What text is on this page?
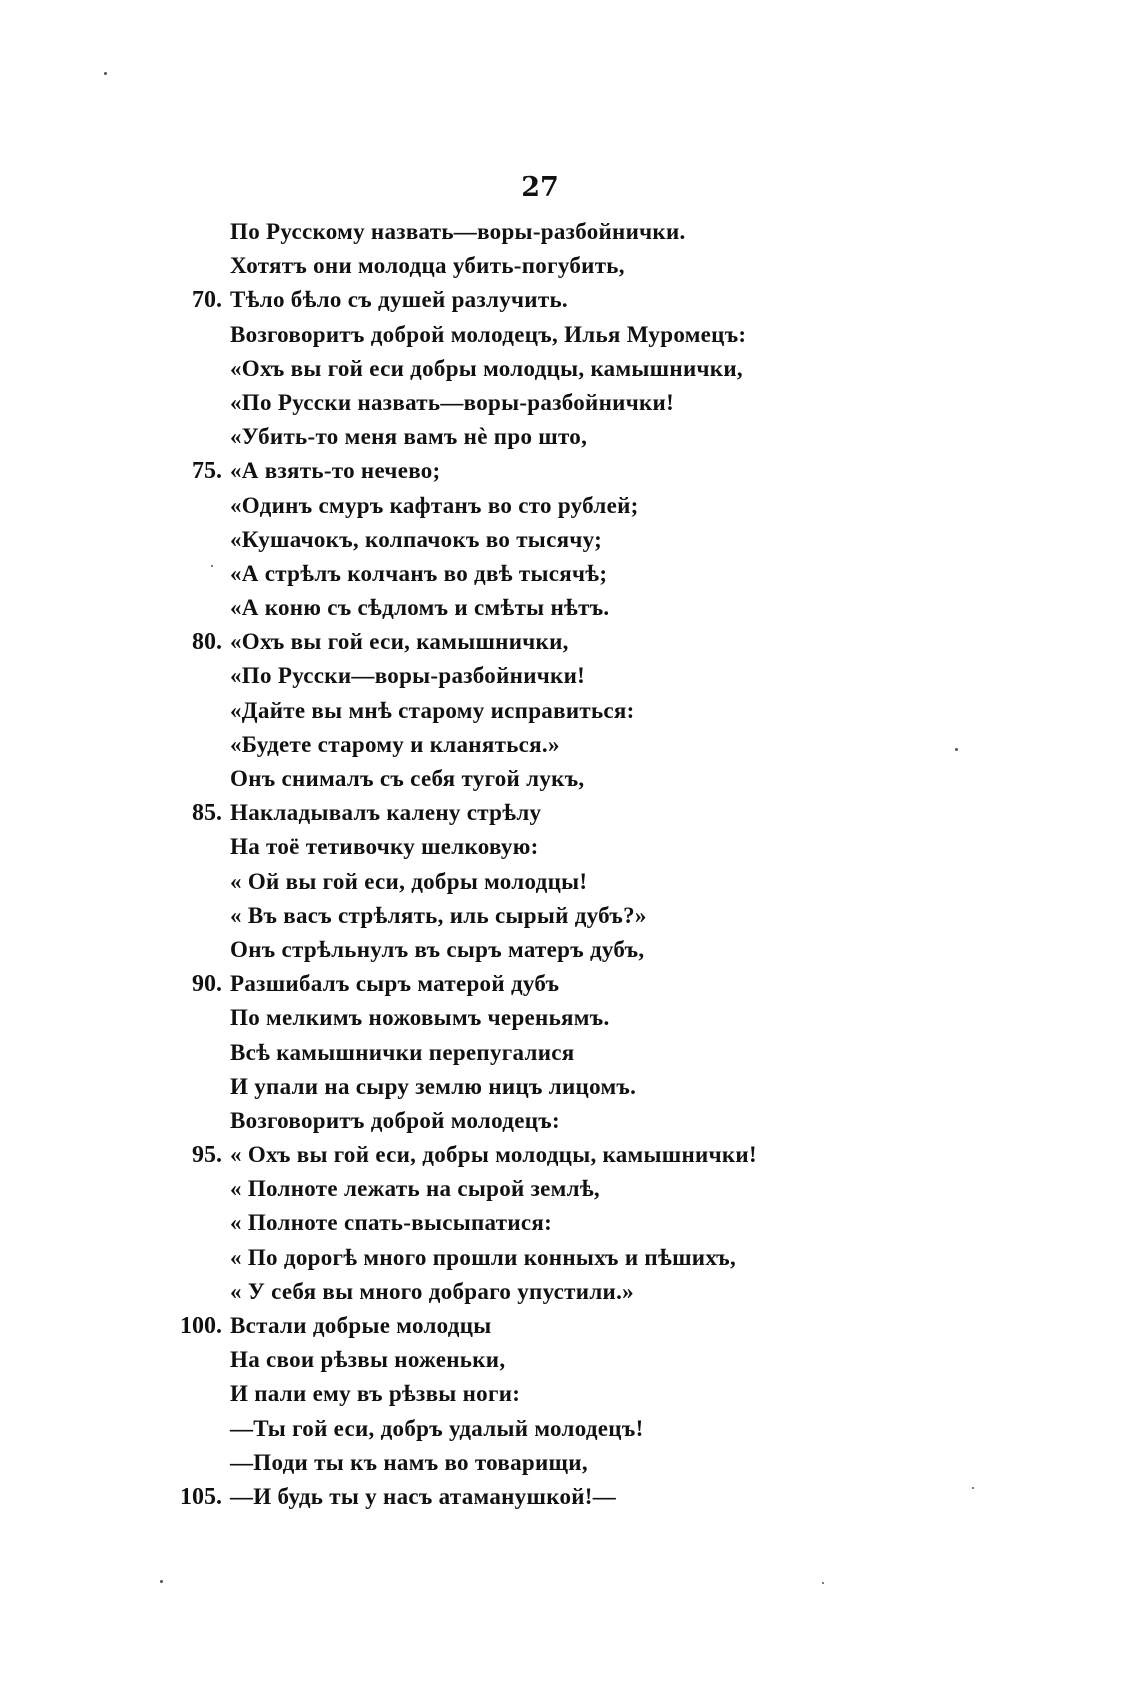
27
По Русскому назвать—воры-разбойнички.
Хотятъ они молодца убить-погубить,
70. Тѣло бѣло съ душей разлучить.
Возговоритъ доброй молодецъ, Илья Муромецъ:
«Охъ вы гой еси добры молодцы, камышнички,
«По Русски назвать—воры-разбойнички!
«Убить-то меня вамъ нѐ про што,
75. «А взять-то нечево;
«Одинъ смуръ кафтанъ во сто рублей;
«Кушачокъ, колпачокъ во тысячу;
«А стрѣлъ колчанъ во двѣ тысячѣ;
«А коню съ сѣдломъ и смѣты нѣтъ.
80. «Охъ вы гой еси, камышнички,
«По Русски—воры-разбойнички!
«Дайте вы мнѣ старому исправиться:
«Будете старому и кланяться.»
Онъ снималъ съ себя тугой лукъ,
85. Накладывалъ калену стрѣлу
На тоё тетивочку шелковую:
« Ой вы гой еси, добры молодцы!
« Въ васъ стрѣлять, иль сырый дубъ?»
Онъ стрѣльнулъ въ сыръ матеръ дубъ,
90. Разшибалъ сыръ матерой дубъ
По мелкимъ ножовымъ череньямъ.
Всѣ камышнички перепугалися
И упали на сыру землю ницъ лицомъ.
Возговоритъ доброй молодецъ:
95. « Охъ вы гой еси, добры молодцы, камышнички!
« Полноте лежать на сырой землѣ,
« Полноте спать-высыпатися:
« По дорогѣ много прошли конныхъ и пѣшихъ,
« У себя вы много добраго упустили.»
100. Встали добрые молодцы
На свои рѣзвы ноженьки,
И пали ему въ рѣзвы ноги:
—Ты гой еси, добръ удалый молодецъ!
—Поди ты къ намъ во товарищи,
105. —И будь ты у насъ атаманушкой!—
